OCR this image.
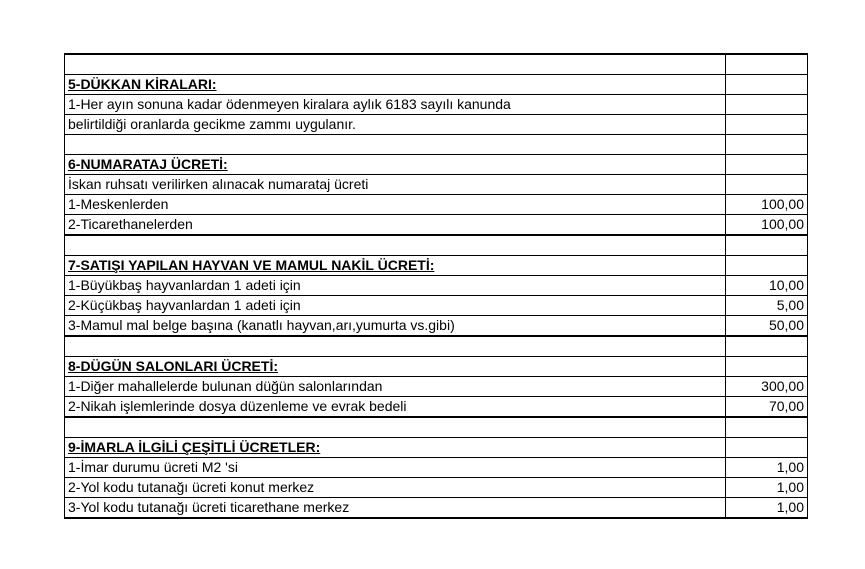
5-DÜKKAN KİRALARI:	
1-Her ayın sonuna kadar ödenmeyen kiralara aylık 6183 sayılı kanunda	
belirtildiği oranlarda gecikme zammı uygulanır.	

6-NUMARATAJ ÜCRETİ:	
İskan ruhsatı verilirken alınacak numarataj ücreti	
1-Meskenlerden	100,00
2-Ticarethanelerden	100,00

7-SATIŞI YAPILAN HAYVAN VE MAMUL NAKİL ÜCRETİ:	
1-Büyükbaş hayvanlardan 1 adeti için	10,00
2-Küçükbaş hayvanlardan 1 adeti için	5,00
3-Mamul mal belge başına (kanatlı hayvan,arı,yumurta vs.gibi)	50,00

8-DÜGÜN SALONLARI ÜCRETİ:	
1-Diğer mahallelerde bulunan düğün salonlarından	300,00
2-Nikah işlemlerinde dosya düzenleme ve evrak bedeli	70,00

9-İMARLA İLGİLİ ÇEŞİTLİ ÜCRETLER:	
1-İmar durumu ücreti M2 'si	1,00
2-Yol kodu tutanağı ücreti konut merkez	1,00
3-Yol kodu tutanağı ücreti ticarethane merkez	1,00
